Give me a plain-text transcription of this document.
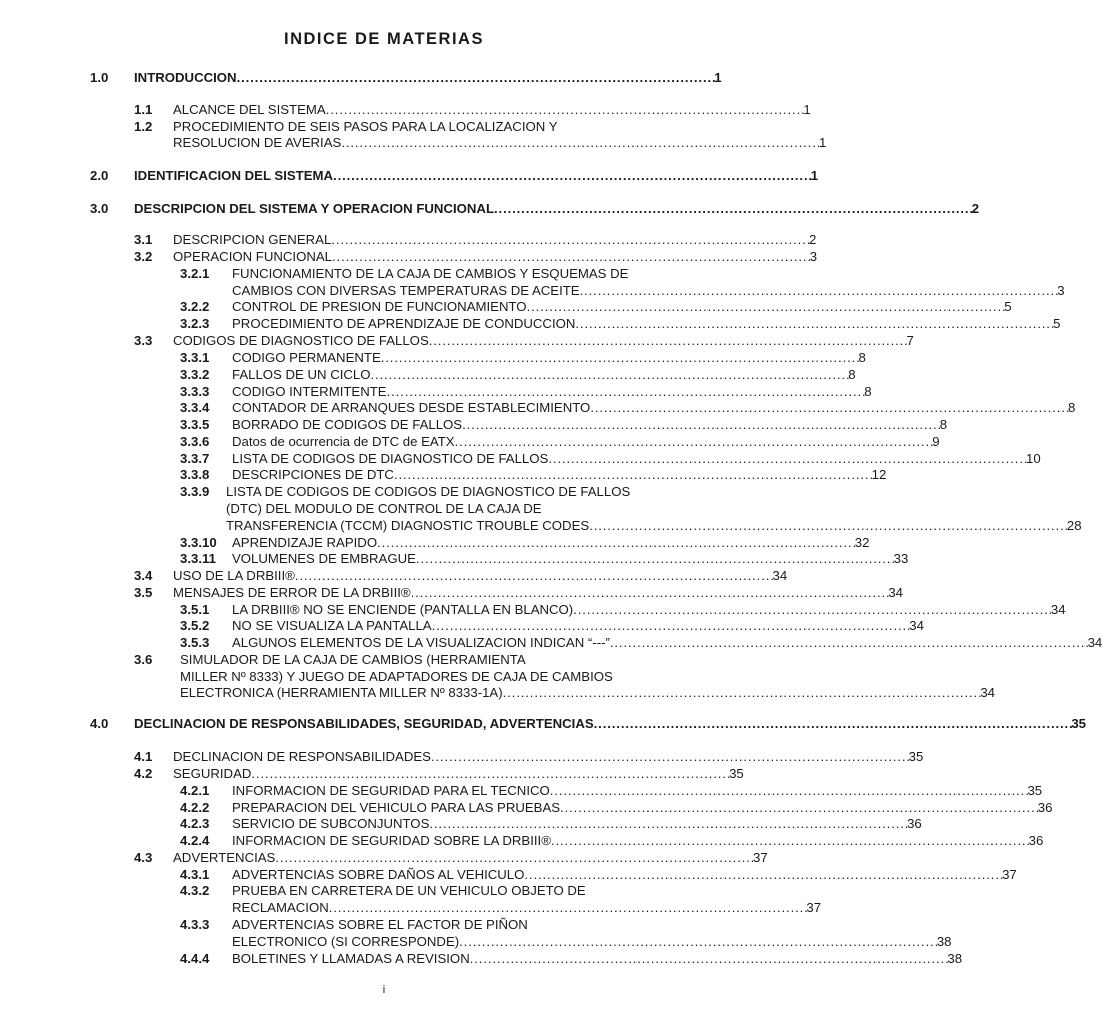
INDICE DE MATERIAS
1.0 INTRODUCCION . . .	1
1.1 ALCANCE DEL SISTEMA . . .	1
1.2 PROCEDIMIENTO DE SEIS PASOS PARA LA LOCALIZACION Y
RESOLUCION DE AVERIAS . . .	1
2.0 IDENTIFICACION DEL SISTEMA . . .	1
3.0 DESCRIPCION DEL SISTEMA Y OPERACION FUNCIONAL . . .	2
3.1 DESCRIPCION GENERAL . . .	2
3.2 OPERACION FUNCIONAL . . .	3
3.2.1 FUNCIONAMIENTO DE LA CAJA DE CAMBIOS Y ESQUEMAS DE
CAMBIOS CON DIVERSAS TEMPERATURAS DE ACEITE . . .	3
3.2.2 CONTROL DE PRESION DE FUNCIONAMIENTO . . .	5
3.2.3 PROCEDIMIENTO DE APRENDIZAJE DE CONDUCCION . . .	5
3.3 CODIGOS DE DIAGNOSTICO DE FALLOS . . .	7
3.3.1 CODIGO PERMANENTE . . .	8
3.3.2 FALLOS DE UN CICLO . . .	8
3.3.3 CODIGO INTERMITENTE . . .	8
3.3.4 CONTADOR DE ARRANQUES DESDE ESTABLECIMIENTO . . .	8
3.3.5 BORRADO DE CODIGOS DE FALLOS . . .	8
3.3.6 Datos de ocurrencia de DTC de EATX . . .	9
3.3.7 LISTA DE CODIGOS DE DIAGNOSTICO DE FALLOS . . .	10
3.3.8 DESCRIPCIONES DE DTC . . .	12
3.3.9 LISTA DE CODIGOS DE CODIGOS DE DIAGNOSTICO DE FALLOS
(DTC) DEL MODULO DE CONTROL DE LA CAJA DE
TRANSFERENCIA (TCCM) DIAGNOSTIC TROUBLE CODES . . .	28
3.3.10 APRENDIZAJE RAPIDO . . .	32
3.3.11 VOLUMENES DE EMBRAGUE . . .	33
3.4 USO DE LA DRBIII® . . .	34
3.5 MENSAJES DE ERROR DE LA DRBIII® . . .	34
3.5.1 LA DRBIII® NO SE ENCIENDE (PANTALLA EN BLANCO) . . .	34
3.5.2 NO SE VISUALIZA LA PANTALLA . . .	34
3.5.3 ALGUNOS ELEMENTOS DE LA VISUALIZACION INDICAN “---” . . .	34
3.6 SIMULADOR DE LA CAJA DE CAMBIOS (HERRAMIENTA
MILLER Nº 8333) Y JUEGO DE ADAPTADORES DE CAJA DE CAMBIOS
ELECTRONICA (HERRAMIENTA MILLER Nº 8333-1A) . . .	34
4.0 DECLINACION DE RESPONSABILIDADES, SEGURIDAD, ADVERTENCIAS . . .	35
4.1 DECLINACION DE RESPONSABILIDADES . . .	35
4.2 SEGURIDAD . . .	35
4.2.1 INFORMACION DE SEGURIDAD PARA EL TECNICO . . .	35
4.2.2 PREPARACION DEL VEHICULO PARA LAS PRUEBAS . . .	36
4.2.3 SERVICIO DE SUBCONJUNTOS . . .	36
4.2.4 INFORMACION DE SEGURIDAD SOBRE LA DRBIII® . . .	36
4.3 ADVERTENCIAS . . .	37
4.3.1 ADVERTENCIAS SOBRE DAÑOS AL VEHICULO . . .	37
4.3.2 PRUEBA EN CARRETERA DE UN VEHICULO OBJETO DE
RECLAMACION . . .	37
4.3.3 ADVERTENCIAS SOBRE EL FACTOR DE PIÑON
ELECTRONICO (SI CORRESPONDE) . . .	38
4.4.4 BOLETINES Y LLAMADAS A REVISION . . .	38
i
